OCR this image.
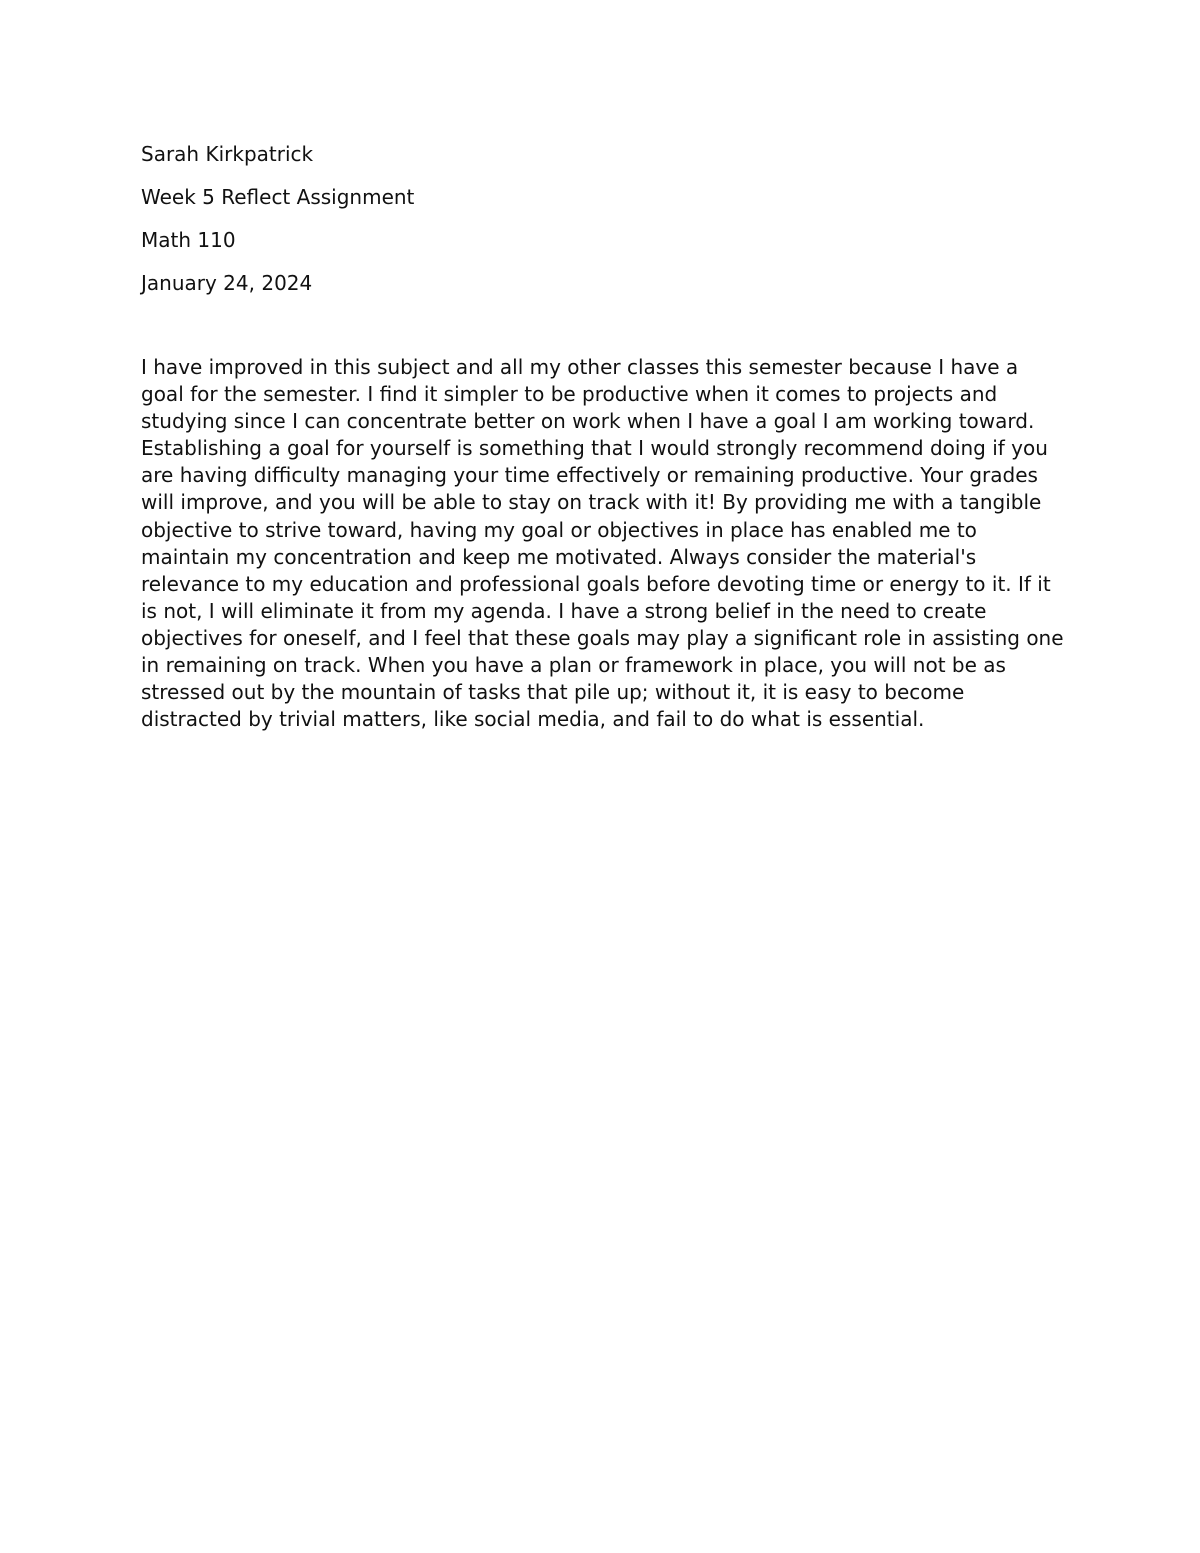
Sarah Kirkpatrick
Week 5 Reflect Assignment
Math 110
January 24, 2024

I have improved in this subject and all my other classes this semester because I have a goal for the semester. I find it simpler to be productive when it comes to projects and studying since I can concentrate better on work when I have a goal I am working toward. Establishing a goal for yourself is something that I would strongly recommend doing if you are having difficulty managing your time effectively or remaining productive. Your grades will improve, and you will be able to stay on track with it! By providing me with a tangible objective to strive toward, having my goal or objectives in place has enabled me to maintain my concentration and keep me motivated. Always consider the material's relevance to my education and professional goals before devoting time or energy to it. If it is not, I will eliminate it from my agenda. I have a strong belief in the need to create objectives for oneself, and I feel that these goals may play a significant role in assisting one in remaining on track. When you have a plan or framework in place, you will not be as stressed out by the mountain of tasks that pile up; without it, it is easy to become distracted by trivial matters, like social media, and fail to do what is essential.
